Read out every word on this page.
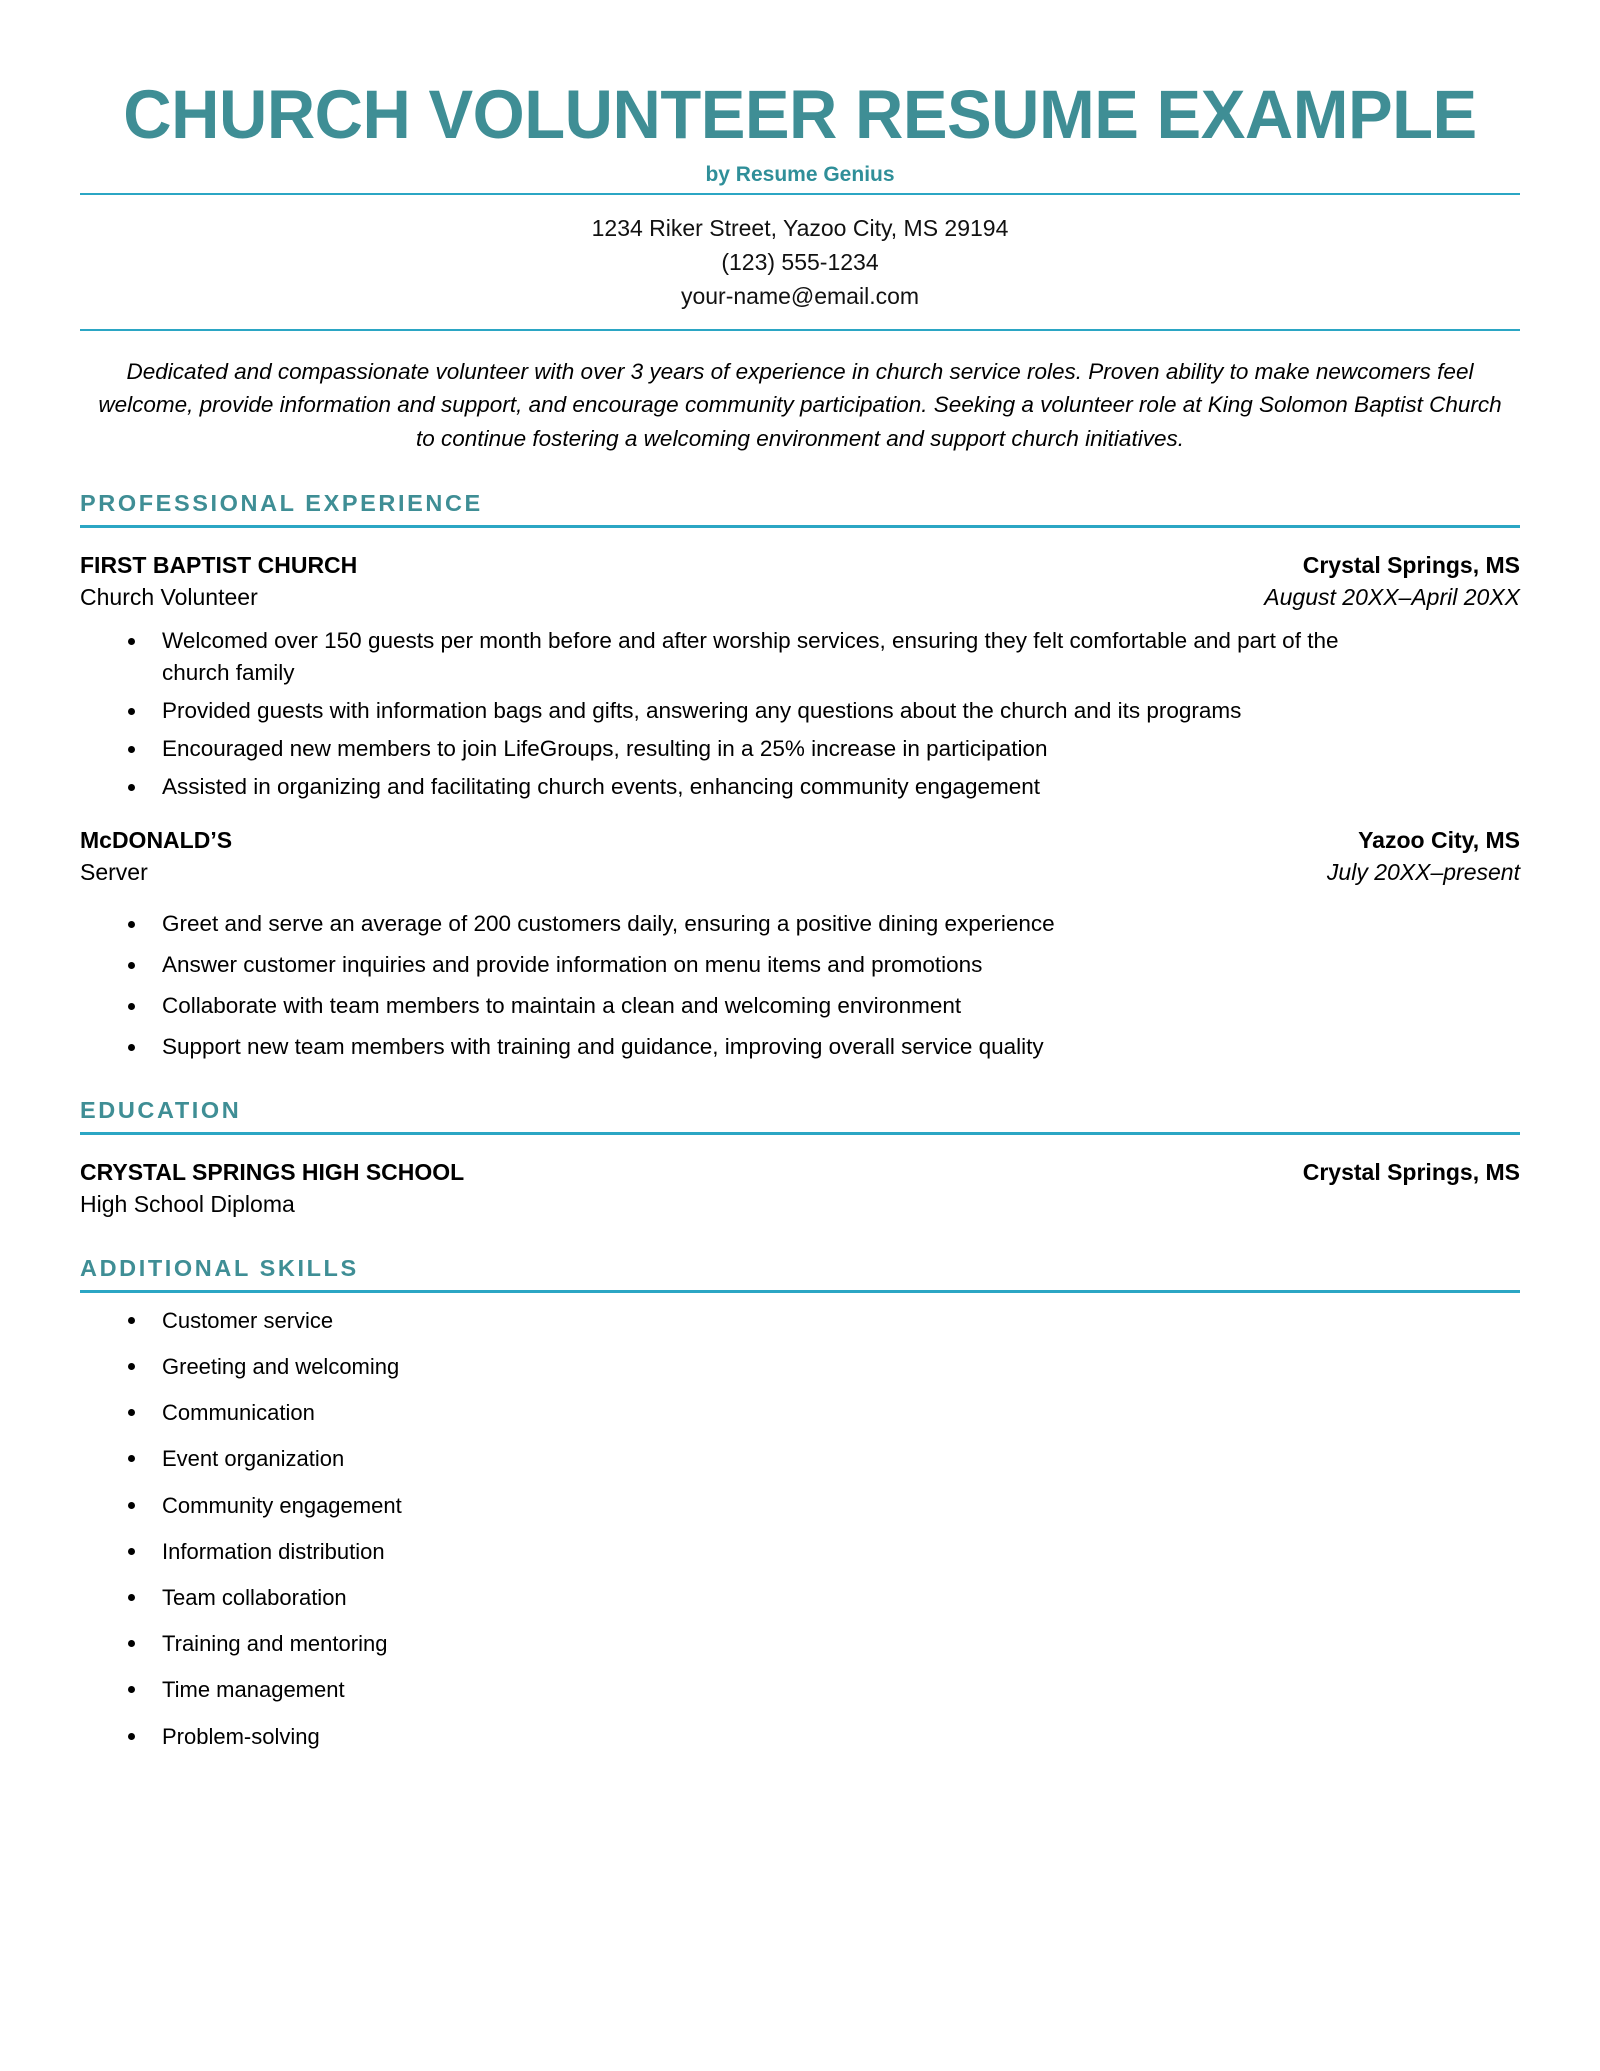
CHURCH VOLUNTEER RESUME EXAMPLE
by Resume Genius
1234 Riker Street, Yazoo City, MS 29194
(123) 555-1234
your-name@email.com
Dedicated and compassionate volunteer with over 3 years of experience in church service roles. Proven ability to make newcomers feel welcome, provide information and support, and encourage community participation. Seeking a volunteer role at King Solomon Baptist Church to continue fostering a welcoming environment and support church initiatives.
PROFESSIONAL EXPERIENCE
FIRST BAPTIST CHURCH	Crystal Springs, MS
Church Volunteer	August 20XX–April 20XX
Welcomed over 150 guests per month before and after worship services, ensuring they felt comfortable and part of the church family
Provided guests with information bags and gifts, answering any questions about the church and its programs
Encouraged new members to join LifeGroups, resulting in a 25% increase in participation
Assisted in organizing and facilitating church events, enhancing community engagement
McDONALD’S	Yazoo City, MS
Server	July 20XX–present
Greet and serve an average of 200 customers daily, ensuring a positive dining experience
Answer customer inquiries and provide information on menu items and promotions
Collaborate with team members to maintain a clean and welcoming environment
Support new team members with training and guidance, improving overall service quality
EDUCATION
CRYSTAL SPRINGS HIGH SCHOOL	Crystal Springs, MS
High School Diploma
ADDITIONAL SKILLS
Customer service
Greeting and welcoming
Communication
Event organization
Community engagement
Information distribution
Team collaboration
Training and mentoring
Time management
Problem-solving
